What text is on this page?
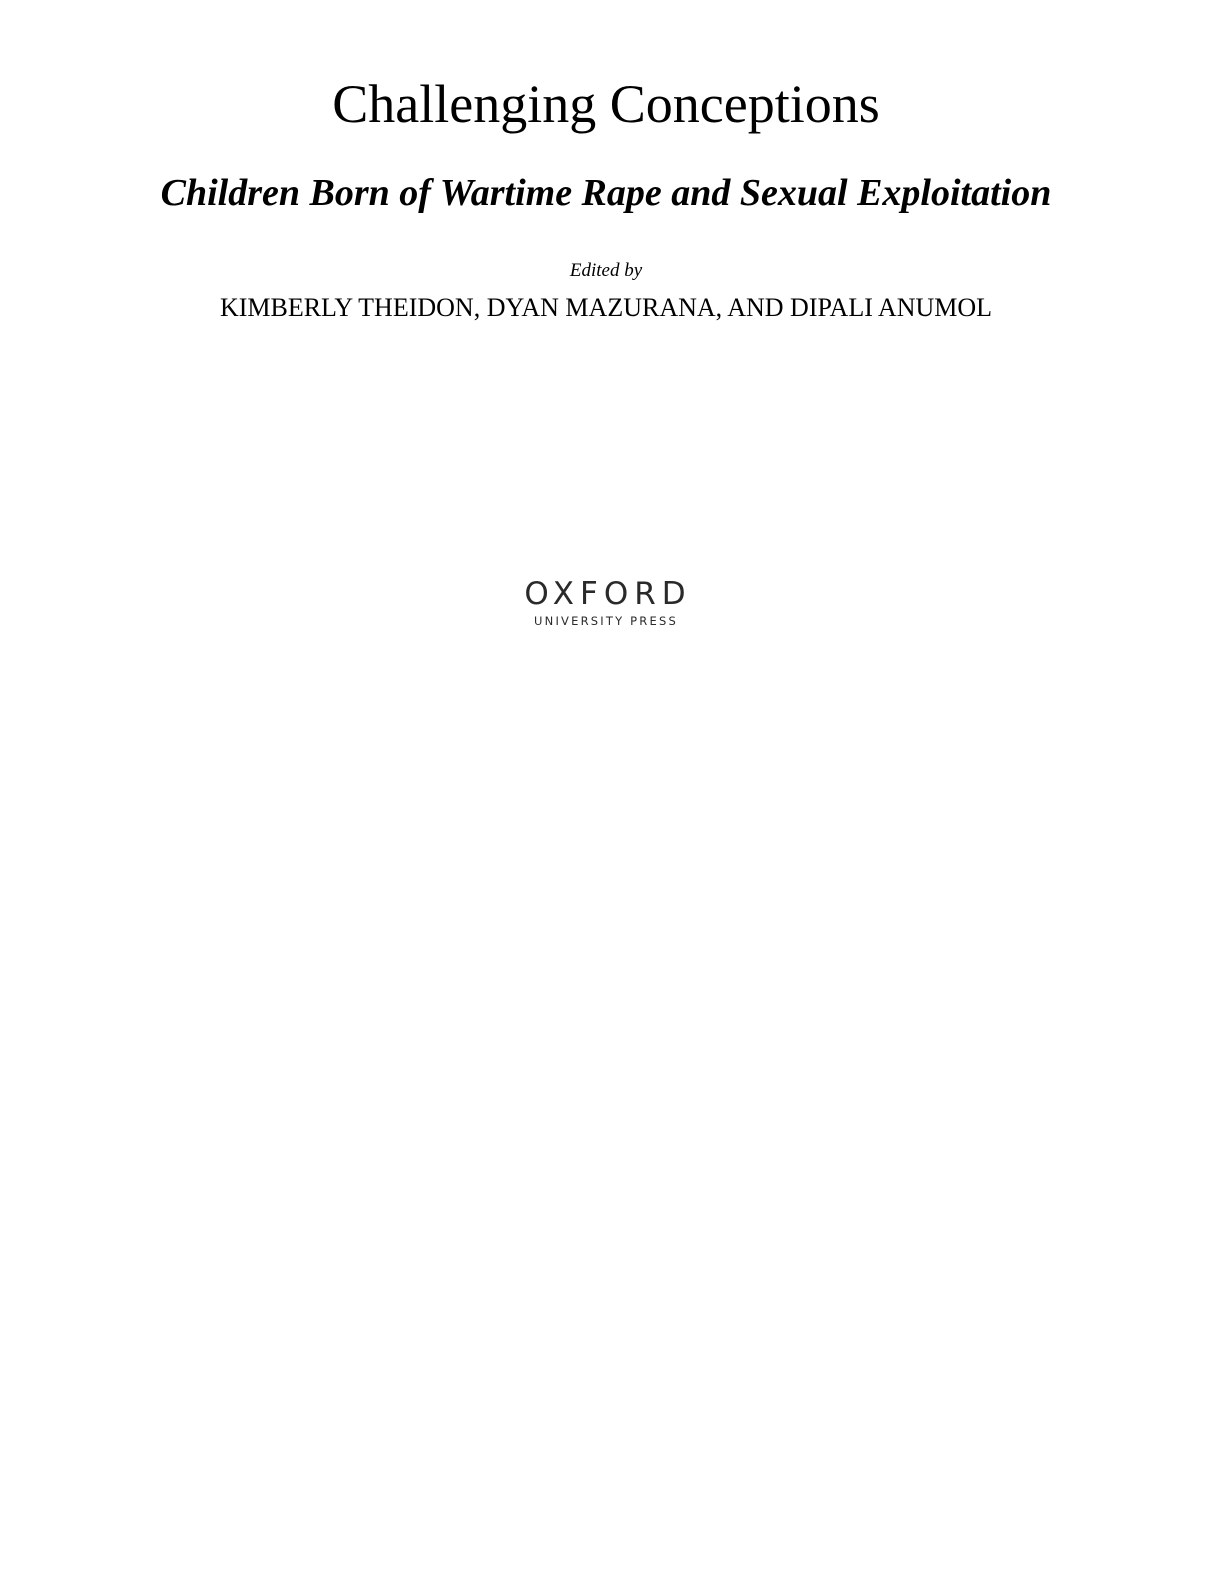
Challenging Conceptions
Children Born of Wartime Rape and Sexual Exploitation
Edited by
KIMBERLY THEIDON, DYAN MAZURANA, AND DIPALI ANUMOL
OXFORD
UNIVERSITY PRESS
